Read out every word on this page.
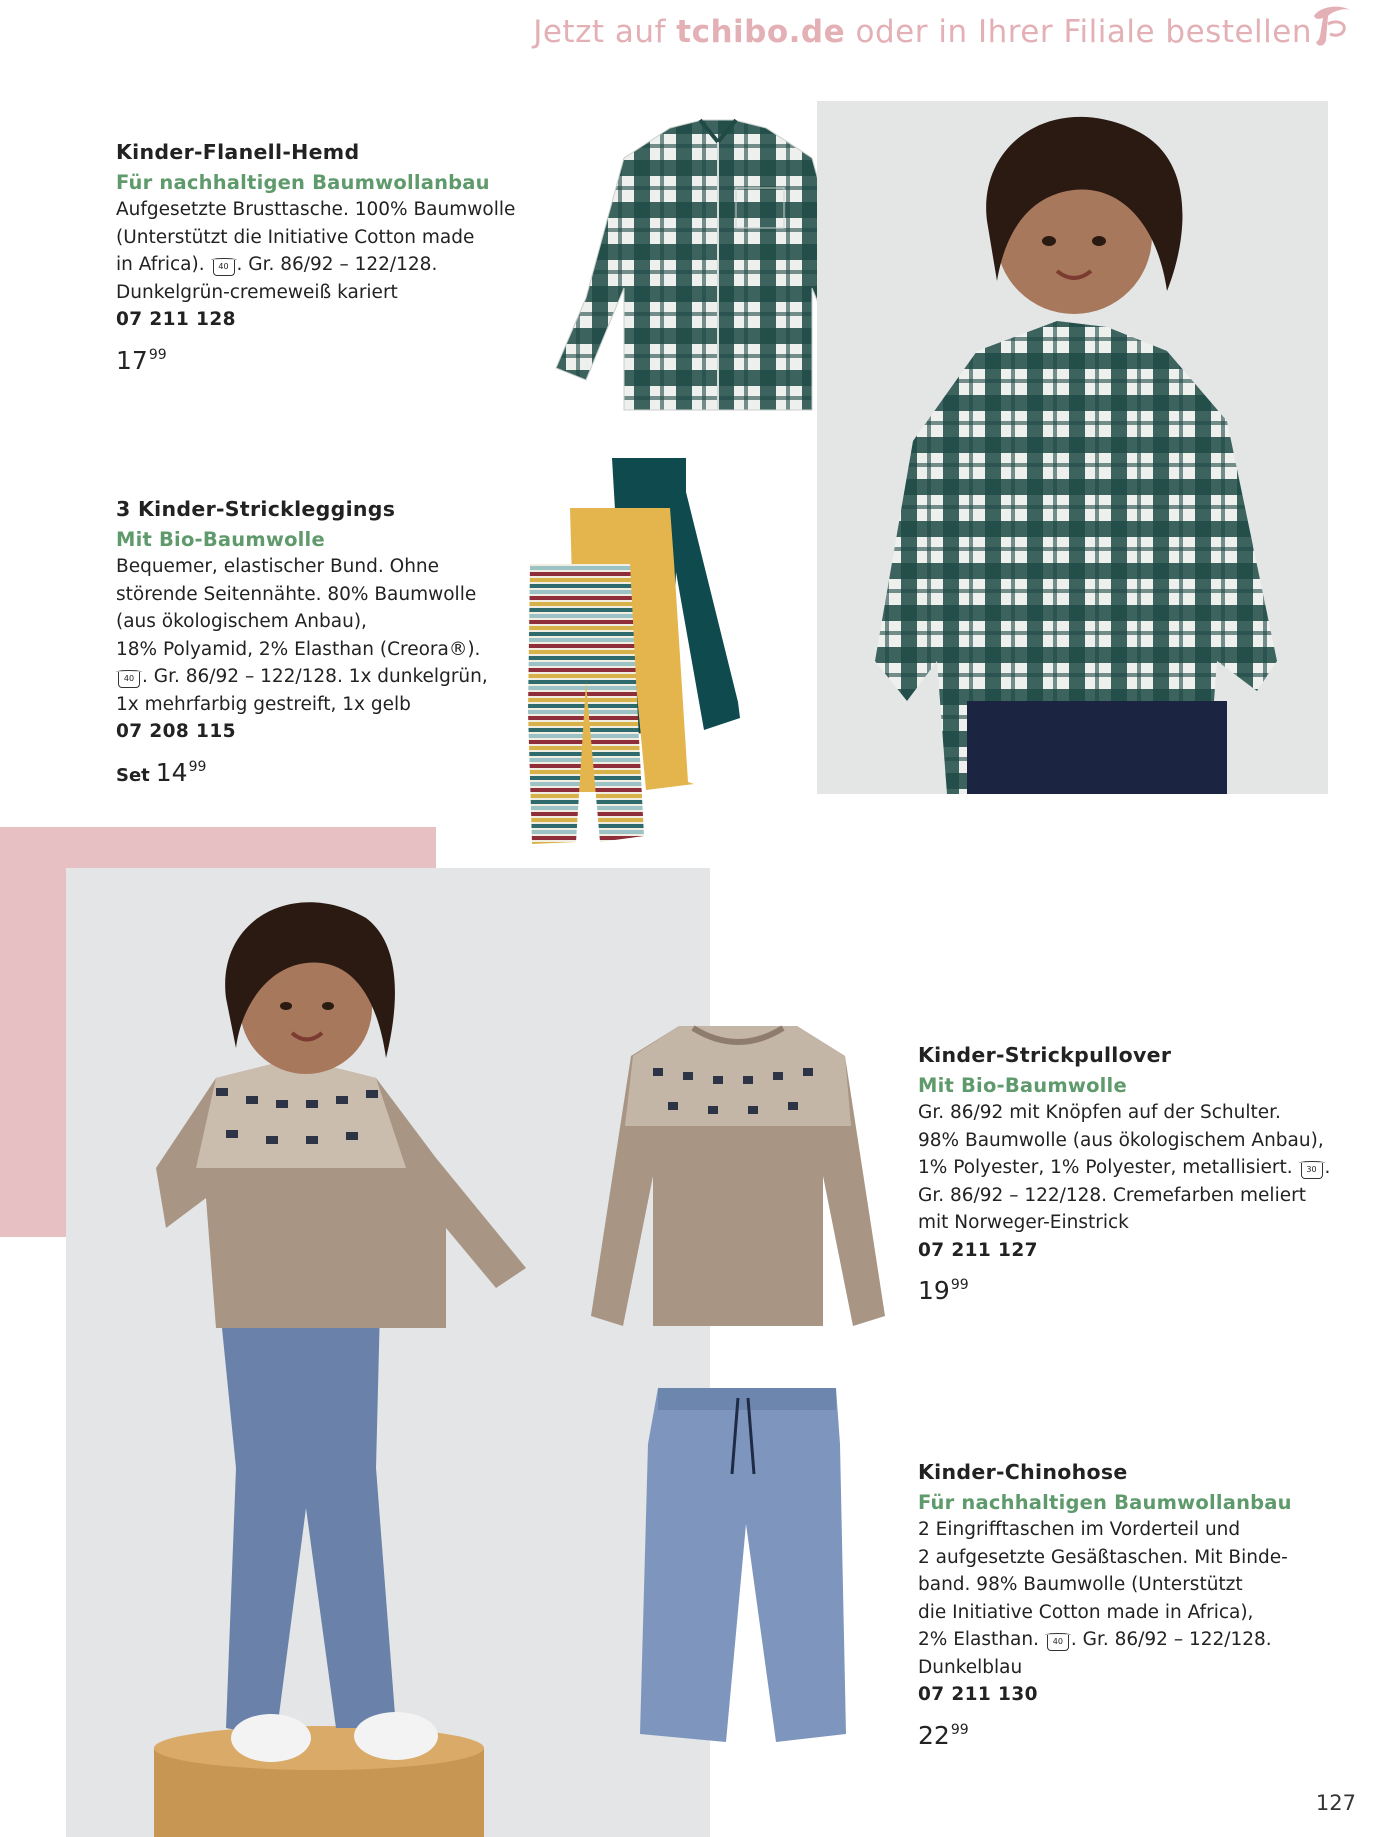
Jetzt auf tchibo.de oder in Ihrer Filiale bestellen
Kinder-Flanell-Hemd
Für nachhaltigen Baumwollanbau
Aufgesetzte Brusttasche. 100% Baumwolle
(Unterstützt die Initiative Cotton made
in Africa). 40 . Gr. 86/92 – 122/128.
Dunkelgrün-cremeweiß kariert
07 211 128
$17^{99}$
3 Kinder-Strickleggings
Mit Bio-Baumwolle
Bequemer, elastischer Bund. Ohne
störende Seitennähte. 80% Baumwolle
(aus ökologischem Anbau),
18% Polyamid, 2% Elasthan (Creora®).
40 . Gr. 86/92 – 122/128. 1x dunkelgrün,
1x mehrfarbig gestreift, 1x gelb
07 208 115
Set $14^{99}$
Kinder-Strickpullover
Mit Bio-Baumwolle
Gr. 86/92 mit Knöpfen auf der Schulter.
98% Baumwolle (aus ökologischem Anbau),
1% Polyester, 1% Polyester, metallisiert. 30 .
Gr. 86/92 – 122/128. Cremefarben meliert
mit Norweger-Einstrick
07 211 127
$19^{99}$
Kinder-Chinohose
Für nachhaltigen Baumwollanbau
2 Eingrifftaschen im Vorderteil und
2 aufgesetzte Gesäßtaschen. Mit Binde-
band. 98% Baumwolle (Unterstützt
die Initiative Cotton made in Africa),
2% Elasthan. 40 . Gr. 86/92 – 122/128.
Dunkelblau
07 211 130
$22^{99}$
127
